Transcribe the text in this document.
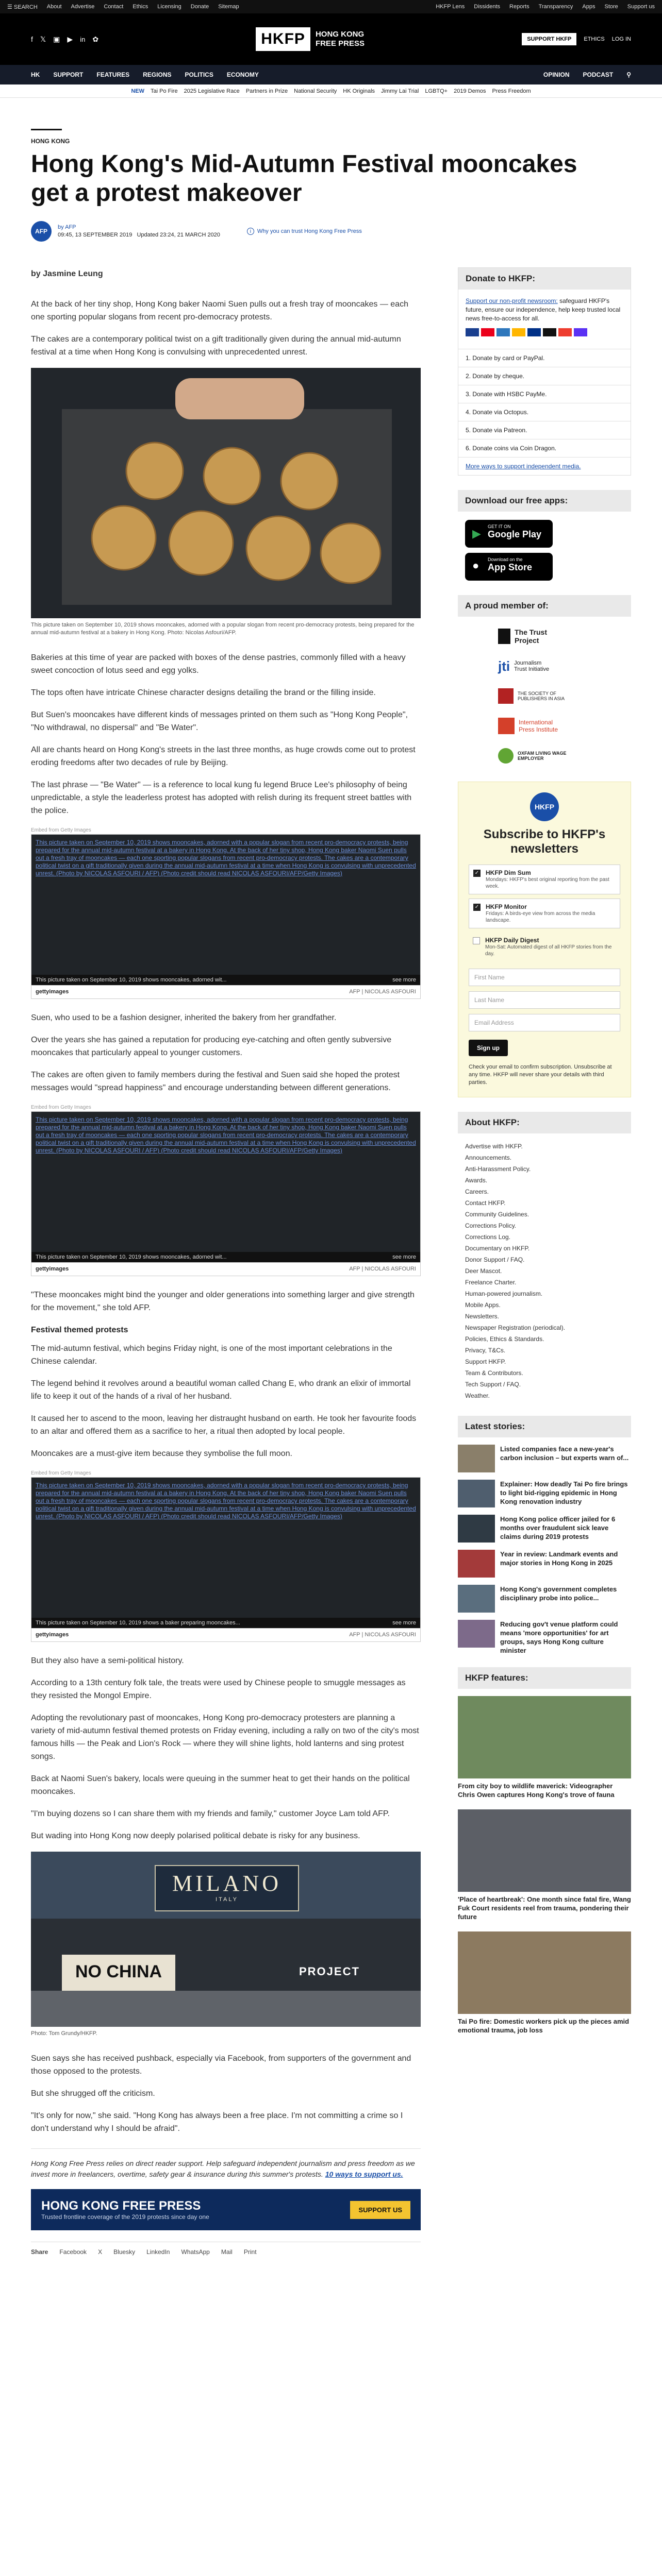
☰ SEARCH About Advertise Contact Ethics Licensing Donate Sitemap	HKFP Lens Dissidents Reports Transparency Apps Store Support us
f 𝕏 ▣ ▶ in ✿	HKFP	HONG KONG
FREE PRESS	SUPPORT HKFP	ETHICS LOG IN
HK SUPPORT FEATURES REGIONS POLITICS ECONOMY	OPINION PODCAST ⚲
NEW Tai Po Fire 2025 Legislative Race Partners in Prize National Security HK Originals Jimmy Lai Trial LGBTQ+ 2019 Demos Press Freedom
HONG KONG
Hong Kong's Mid-Autumn Festival mooncakes get a protest makeover
AFP
by AFP
09:45, 13 SEPTEMBER 2019 Updated 23:24, 21 MARCH 2020
i	Why you can trust Hong Kong Free Press

by Jasmine Leung

At the back of her tiny shop, Hong Kong baker Naomi Suen pulls out a fresh tray of mooncakes — each one sporting popular slogans from recent pro-democracy protests.

The cakes are a contemporary political twist on a gift traditionally given during the annual mid-autumn festival at a time when Hong Kong is convulsing with unprecedented unrest.

This picture taken on September 10, 2019 shows mooncakes, adorned with a popular slogan from recent pro-democracy protests, being prepared for the annual mid-autumn festival at a bakery in Hong Kong. Photo: Nicolas Asfouri/AFP.

Bakeries at this time of year are packed with boxes of the dense pastries, commonly filled with a heavy sweet concoction of lotus seed and egg yolks.

The tops often have intricate Chinese character designs detailing the brand or the filling inside.

But Suen's mooncakes have different kinds of messages printed on them such as "Hong Kong People", "No withdrawal, no dispersal" and "Be Water".

All are chants heard on Hong Kong's streets in the last three months, as huge crowds come out to protest eroding freedoms after two decades of rule by Beijing.

The last phrase — "Be Water" — is a reference to local kung fu legend Bruce Lee's philosophy of being unpredictable, a style the leaderless protest has adopted with relish during its frequent street battles with the police.

Embed from Getty Images
This picture taken on September 10, 2019 shows mooncakes, adorned with a popular slogan from recent pro-democracy protests, being prepared for the annual mid-autumn festival at a bakery in Hong Kong. At the back of her tiny shop, Hong Kong baker Naomi Suen pulls out a fresh tray of mooncakes — each one sporting popular slogans from recent pro-democracy protests. The cakes are a contemporary political twist on a gift traditionally given during the annual mid-autumn festival at a time when Hong Kong is convulsing with unprecedented unrest. (Photo by NICOLAS ASFOURI / AFP) (Photo credit should read NICOLAS ASFOURI/AFP/Getty Images)
This picture taken on September 10, 2019 shows mooncakes, adorned wit...	see more
gettyimages	AFP | NICOLAS ASFOURI

Suen, who used to be a fashion designer, inherited the bakery from her grandfather.

Over the years she has gained a reputation for producing eye-catching and often gently subversive mooncakes that particularly appeal to younger customers.

The cakes are often given to family members during the festival and Suen said she hoped the protest messages would "spread happiness" and encourage understanding between different generations.

Embed from Getty Images
This picture taken on September 10, 2019 shows mooncakes, adorned with a popular slogan from recent pro-democracy protests, being prepared for the annual mid-autumn festival at a bakery in Hong Kong. At the back of her tiny shop, Hong Kong baker Naomi Suen pulls out a fresh tray of mooncakes — each one sporting popular slogans from recent pro-democracy protests. The cakes are a contemporary political twist on a gift traditionally given during the annual mid-autumn festival at a time when Hong Kong is convulsing with unprecedented unrest. (Photo by NICOLAS ASFOURI / AFP) (Photo credit should read NICOLAS ASFOURI/AFP/Getty Images)
This picture taken on September 10, 2019 shows mooncakes, adorned wit...	see more
gettyimages	AFP | NICOLAS ASFOURI

"These mooncakes might bind the younger and older generations into something larger and give strength for the movement," she told AFP.

Festival themed protests

The mid-autumn festival, which begins Friday night, is one of the most important celebrations in the Chinese calendar.

The legend behind it revolves around a beautiful woman called Chang E, who drank an elixir of immortal life to keep it out of the hands of a rival of her husband.

It caused her to ascend to the moon, leaving her distraught husband on earth. He took her favourite foods to an altar and offered them as a sacrifice to her, a ritual then adopted by local people.

Mooncakes are a must-give item because they symbolise the full moon.

Embed from Getty Images
This picture taken on September 10, 2019 shows mooncakes, adorned with a popular slogan from recent pro-democracy protests, being prepared for the annual mid-autumn festival at a bakery in Hong Kong. At the back of her tiny shop, Hong Kong baker Naomi Suen pulls out a fresh tray of mooncakes — each one sporting popular slogans from recent pro-democracy protests. The cakes are a contemporary political twist on a gift traditionally given during the annual mid-autumn festival at a time when Hong Kong is convulsing with unprecedented unrest. (Photo by NICOLAS ASFOURI / AFP) (Photo credit should read NICOLAS ASFOURI/AFP/Getty Images)
This picture taken on September 10, 2019 shows a baker preparing mooncakes...	see more
gettyimages	AFP | NICOLAS ASFOURI

But they also have a semi-political history.

According to a 13th century folk tale, the treats were used by Chinese people to smuggle messages as they resisted the Mongol Empire.

Adopting the revolutionary past of mooncakes, Hong Kong pro-democracy protesters are planning a variety of mid-autumn festival themed protests on Friday evening, including a rally on two of the city's most famous hills — the Peak and Lion's Rock — where they will shine lights, hold lanterns and sing protest songs.

Back at Naomi Suen's bakery, locals were queuing in the summer heat to get their hands on the political mooncakes.

"I'm buying dozens so I can share them with my friends and family," customer Joyce Lam told AFP.

But wading into Hong Kong now deeply polarised political debate is risky for any business.

MILANO
ITALY
NO CHINA	PROJECT
Photo: Tom Grundy/HKFP.

Suen says she has received pushback, especially via Facebook, from supporters of the government and those opposed to the protests.

But she shrugged off the criticism.

"It's only for now," she said. "Hong Kong has always been a free place. I'm not committing a crime so I don't understand why I should be afraid".

Hong Kong Free Press relies on direct reader support. Help safeguard independent journalism and press freedom as we invest more in freelancers, overtime, safety gear & insurance during this summer's protests. 10 ways to support us.

HONG KONG FREE PRESS
Trusted frontline coverage of the 2019 protests since day one
SUPPORT US
Share Facebook X Bluesky LinkedIn WhatsApp Mail Print
Donate to HKFP:
Support our non-profit newsroom: safeguard HKFP's future, ensure our independence, help keep trusted local news free-to-access for all.
1. Donate by card or PayPal.
2. Donate by cheque.
3. Donate with HSBC PayMe.
4. Donate via Octopus.
5. Donate via Patreon.
6. Donate coins via Coin Dragon.
More ways to support independent media.
Download our free apps:
▶
GET IT ON
Google Play
● Download on the
App Store
A proud member of:
The Trust Project
jti Journalism Trust Initiative
THE SOCIETY OF PUBLISHERS IN ASIA
International Press Institute
OXFAM LIVING WAGE EMPLOYER
HKFP
Subscribe to HKFP's newsletters
✓ HKFP Dim Sum
Mondays: HKFP's best original reporting from the past week.
✓ HKFP Monitor
Fridays: A birds-eye view from across the media landscape.
HKFP Daily Digest
Mon-Sat: Automated digest of all HKFP stories from the day.
First Name
Last Name
Email Address
Sign up
Check your email to confirm subscription. Unsubscribe at any time. HKFP will never share your details with third parties.
About HKFP:
Advertise with HKFP.
Announcements.
Anti-Harassment Policy.
Awards.
Careers.
Contact HKFP.
Community Guidelines.
Corrections Policy.
Corrections Log.
Documentary on HKFP.
Donor Support / FAQ.
Deer Mascot.
Freelance Charter.
Human-powered journalism.
Mobile Apps.
Newsletters.
Newspaper Registration (periodical).
Policies, Ethics & Standards.
Privacy, T&Cs.
Support HKFP.
Team & Contributors.
Tech Support / FAQ.
Weather.
Latest stories:
Listed companies face a new-year's carbon inclusion – but experts warn of...
Explainer: How deadly Tai Po fire brings to light bid-rigging epidemic in Hong Kong renovation industry
Hong Kong police officer jailed for 6 months over fraudulent sick leave claims during 2019 protests
Year in review: Landmark events and major stories in Hong Kong in 2025
Hong Kong's government completes disciplinary probe into police...
Reducing gov't venue platform could means 'more opportunities' for art groups, says Hong Kong culture minister
HKFP features:
From city boy to wildlife maverick: Videographer Chris Owen captures Hong Kong's trove of fauna
'Place of heartbreak': One month since fatal fire, Wang Fuk Court residents reel from trauma, pondering their future
Tai Po fire: Domestic workers pick up the pieces amid emotional trauma, job loss
